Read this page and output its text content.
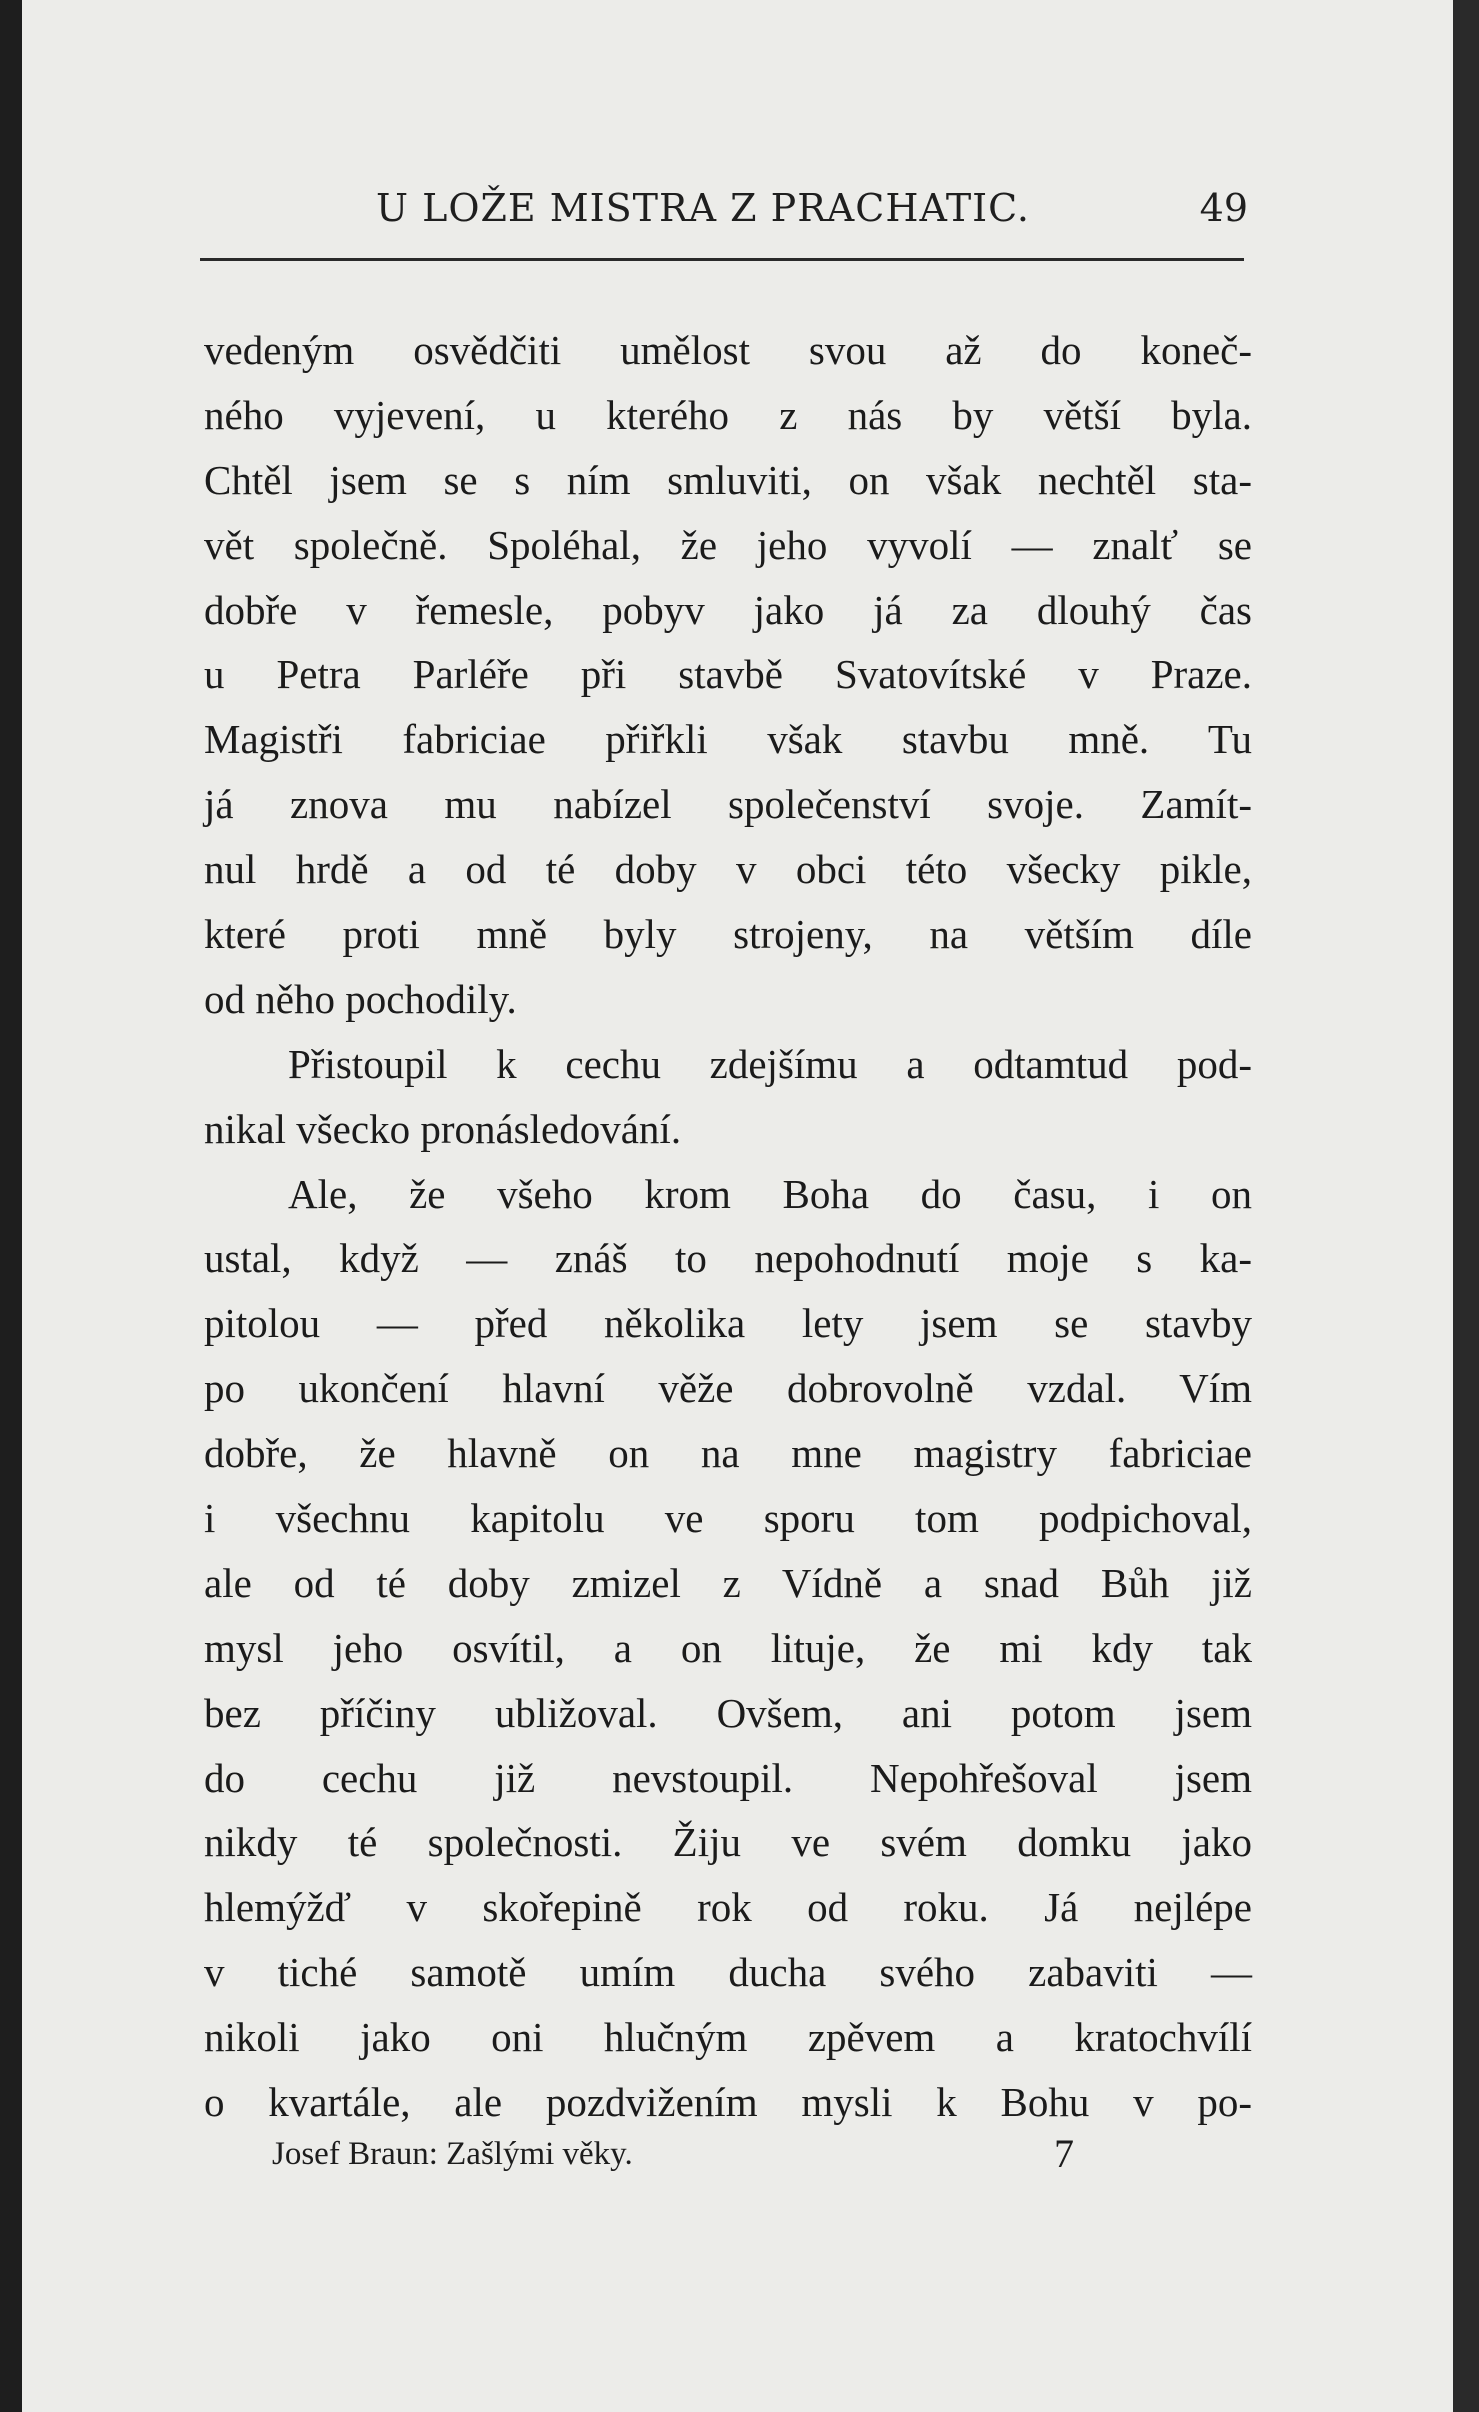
U LOŽE MISTRA Z PRACHATIC.	49
vedeným osvědčiti umělost svou až do koneč-
ného vyjevení, u kterého z nás by větší byla.
Chtěl jsem se s ním smluviti, on však nechtěl sta-
vět společně. Spoléhal, že jeho vyvolí — znalť se
dobře v řemesle, pobyv jako já za dlouhý čas
u Petra Parléře při stavbě Svatovítské v Praze.
Magistři fabriciae přiřkli však stavbu mně. Tu
já znova mu nabízel společenství svoje. Zamít-
nul hrdě a od té doby v obci této všecky pikle,
které proti mně byly strojeny, na větším díle
od něho pochodily.
Přistoupil k cechu zdejšímu a odtamtud pod-
nikal všecko pronásledování.
Ale, že všeho krom Boha do času, i on
ustal, když — znáš to nepohodnutí moje s ka-
pitolou — před několika lety jsem se stavby
po ukončení hlavní věže dobrovolně vzdal. Vím
dobře, že hlavně on na mne magistry fabriciae
i všechnu kapitolu ve sporu tom podpichoval,
ale od té doby zmizel z Vídně a snad Bůh již
mysl jeho osvítil, a on lituje, že mi kdy tak
bez příčiny ubližoval. Ovšem, ani potom jsem
do cechu již nevstoupil. Nepohřešoval jsem
nikdy té společnosti. Žiju ve svém domku jako
hlemýžď v skořepině rok od roku. Já nejlépe
v tiché samotě umím ducha svého zabaviti —
nikoli jako oni hlučným zpěvem a kratochvílí
o kvartále, ale pozdvižením mysli k Bohu v po-
Josef Braun: Zašlými věky.	7
